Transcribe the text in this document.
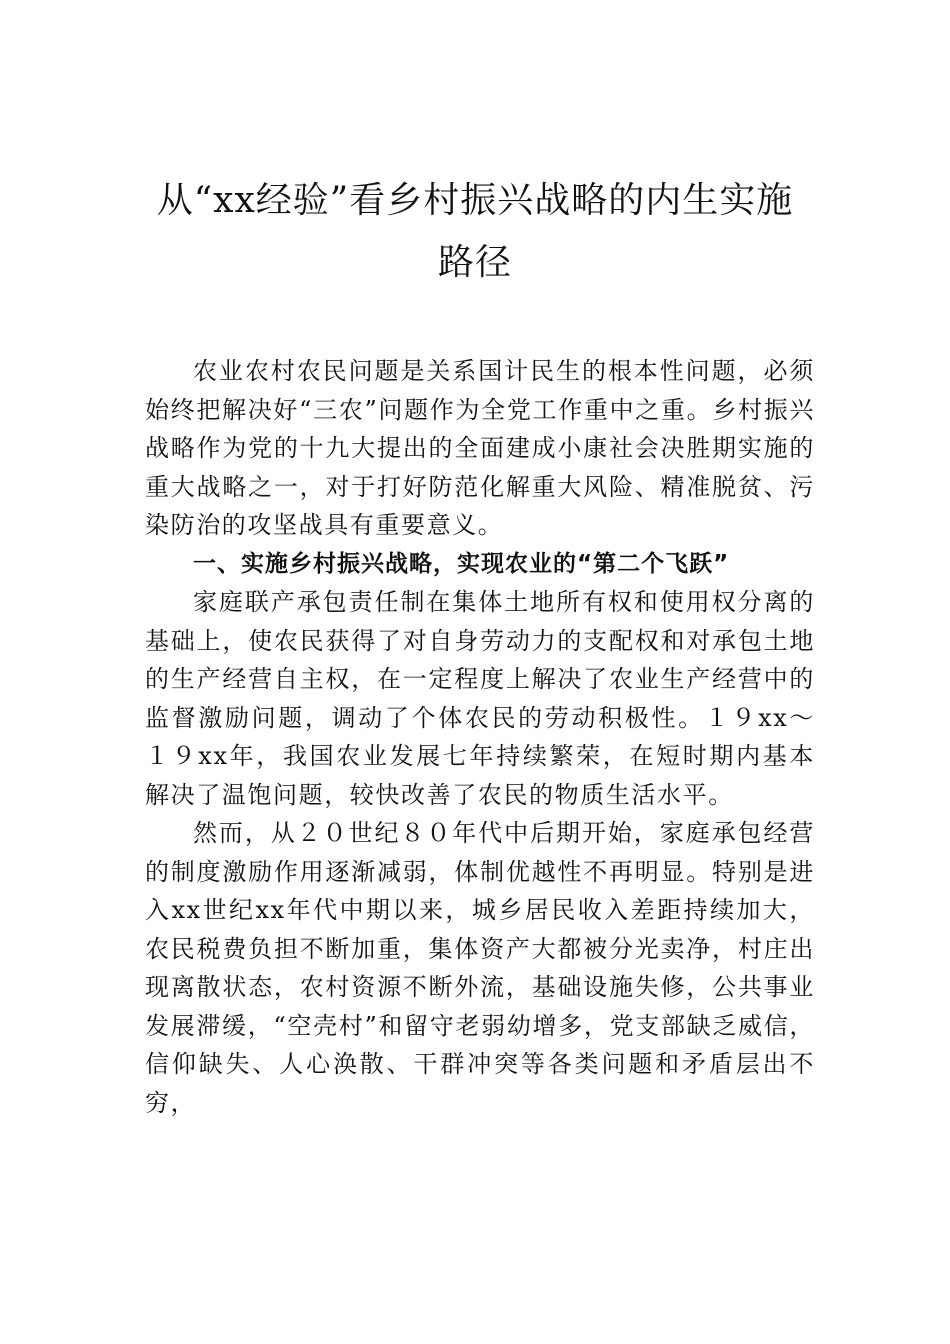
从“xx经验”看乡村振兴战略的内生实施
路径

农业农村农民问题是关系国计民生的根本性问题，必须始终把解决好“三农”问题作为全党工作重中之重。乡村振兴战略作为党的十九大提出的全面建成小康社会决胜期实施的重大战略之一，对于打好防范化解重大风险、精准脱贫、污染防治的攻坚战具有重要意义。

一、实施乡村振兴战略，实现农业的“第二个飞跃”

家庭联产承包责任制在集体土地所有权和使用权分离的基础上，使农民获得了对自身劳动力的支配权和对承包土地的生产经营自主权，在一定程度上解决了农业生产经营中的监督激励问题，调动了个体农民的劳动积极性。１９xx～１９xx年，我国农业发展七年持续繁荣，在短时期内基本解决了温饱问题，较快改善了农民的物质生活水平。

然而，从２０世纪８０年代中后期开始，家庭承包经营的制度激励作用逐渐减弱，体制优越性不再明显。特别是进入xx世纪xx年代中期以来，城乡居民收入差距持续加大，农民税费负担不断加重，集体资产大都被分光卖净，村庄出现离散状态，农村资源不断外流，基础设施失修，公共事业发展滞缓，“空壳村”和留守老弱幼增多，党支部缺乏威信，信仰缺失、人心涣散、干群冲突等各类问题和矛盾层出不穷，
